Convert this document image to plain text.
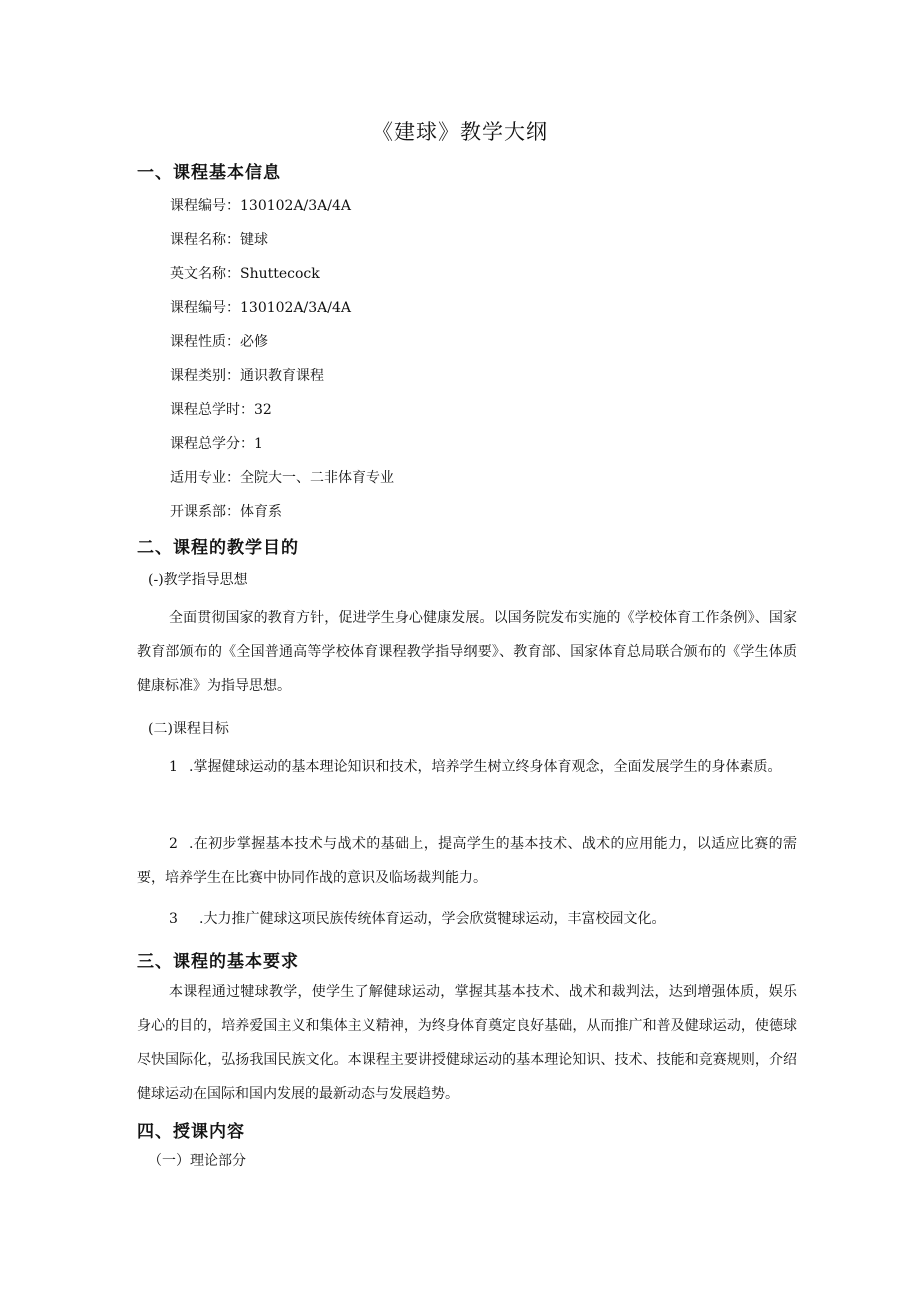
《建球》教学大纲
一、课程基本信息
课程编号：130102A/3A/4A
课程名称：键球
英文名称：Shuttecock
课程编号：130102A/3A/4A
课程性质：必修
课程类别：通识教育课程
课程总学时：32
课程总学分：1
适用专业：全院大一、二非体育专业
开课系部：体育系
二、课程的教学目的
(-)教学指导思想
全面贯彻国家的教育方针，促进学生身心健康发展。以国务院发布实施的《学校体育工作条例》、国家教育部颁布的《全国普通高等学校体育课程教学指导纲要》、教育部、国家体育总局联合颁布的《学生体质健康标准》为指导思想。
(二)课程目标
1 .掌握健球运动的基本理论知识和技术，培养学生树立终身体育观念，全面发展学生的身体素质。
2 .在初步掌握基本技术与战术的基础上，提高学生的基本技术、战术的应用能力，以适应比赛的需要，培养学生在比赛中协同作战的意识及临场裁判能力。
3 .大力推广健球这项民族传统体育运动，学会欣赏犍球运动，丰富校园文化。
三、课程的基本要求
本课程通过犍球教学，使学生了解健球运动，掌握其基本技术、战术和裁判法，达到增强体质，娱乐身心的目的，培养爱国主义和集体主义精神，为终身体育奠定良好基础，从而推广和普及健球运动，使德球尽快国际化，弘扬我国民族文化。本课程主要讲授健球运动的基本理论知识、技术、技能和竞赛规则，介绍健球运动在国际和国内发展的最新动态与发展趋势。
四、授课内容
（一）理论部分
